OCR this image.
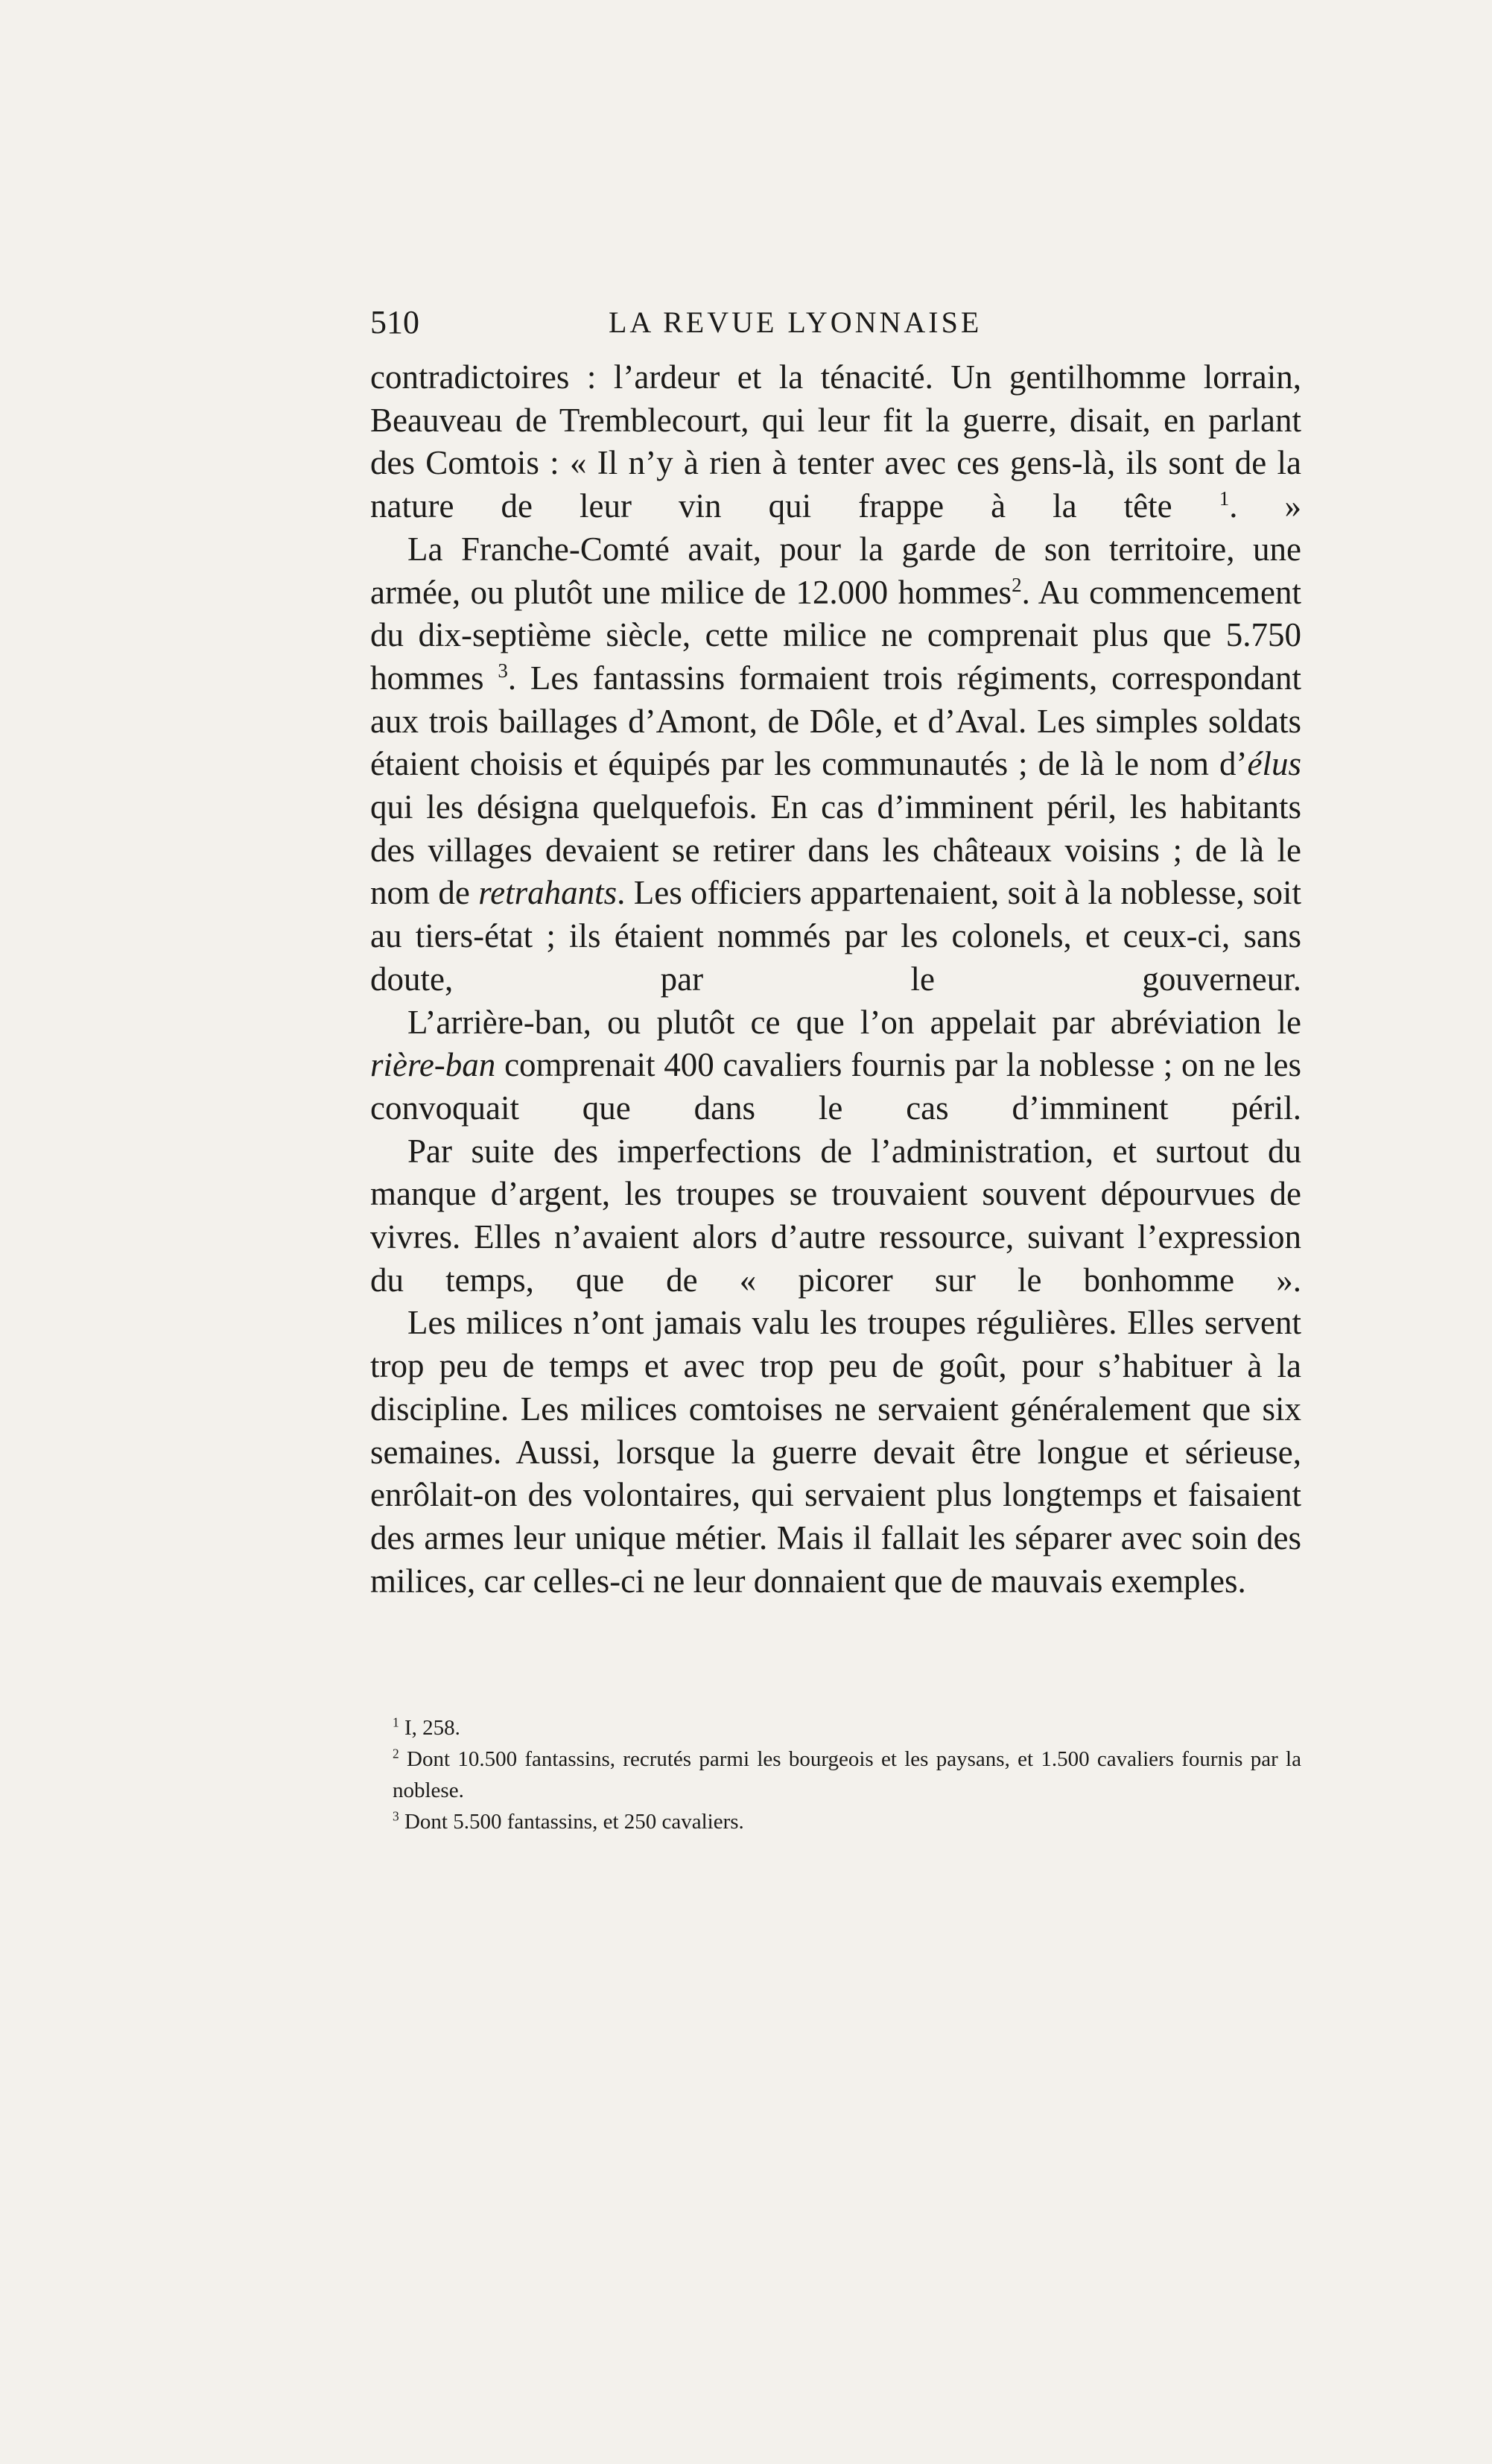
510	LA REVUE LYONNAISE

contradictoires : l’ardeur et la ténacité. Un gentilhomme lorrain, Beauveau de Tremblecourt, qui leur fit la guerre, disait, en parlant des Comtois : « Il n’y à rien à tenter avec ces gens-là, ils sont de la nature de leur vin qui frappe à la tête $^1$. »

La Franche-Comté avait, pour la garde de son territoire, une armée, ou plutôt une milice de 12.000 hommes$^2$. Au commencement du dix-septième siècle, cette milice ne comprenait plus que 5.750 hommes $^3$. Les fantassins formaient trois régiments, correspondant aux trois baillages d’Amont, de Dôle, et d’Aval. Les simples soldats étaient choisis et équipés par les communautés ; de là le nom d’élus qui les désigna quelquefois. En cas d’imminent péril, les habitants des villages devaient se retirer dans les châteaux voisins ; de là le nom de retrahants. Les officiers appartenaient, soit à la noblesse, soit au tiers-état ; ils étaient nommés par les colonels, et ceux-ci, sans doute, par le gouverneur.

L’arrière-ban, ou plutôt ce que l’on appelait par abréviation le rière-ban comprenait 400 cavaliers fournis par la noblesse ; on ne les convoquait que dans le cas d’imminent péril.

Par suite des imperfections de l’administration, et surtout du manque d’argent, les troupes se trouvaient souvent dépourvues de vivres. Elles n’avaient alors d’autre ressource, suivant l’expression du temps, que de « picorer sur le bonhomme ».

Les milices n’ont jamais valu les troupes régulières. Elles servent trop peu de temps et avec trop peu de goût, pour s’habituer à la discipline. Les milices comtoises ne servaient généralement que six semaines. Aussi, lorsque la guerre devait être longue et sérieuse, enrôlait-on des volontaires, qui servaient plus longtemps et faisaient des armes leur unique métier. Mais il fallait les séparer avec soin des milices, car celles-ci ne leur donnaient que de mauvais exemples.

$^1$ I, 258.

$^2$ Dont 10.500 fantassins, recrutés parmi les bourgeois et les paysans, et 1.500 cavaliers fournis par la noblese.

$^3$ Dont 5.500 fantassins, et 250 cavaliers.
